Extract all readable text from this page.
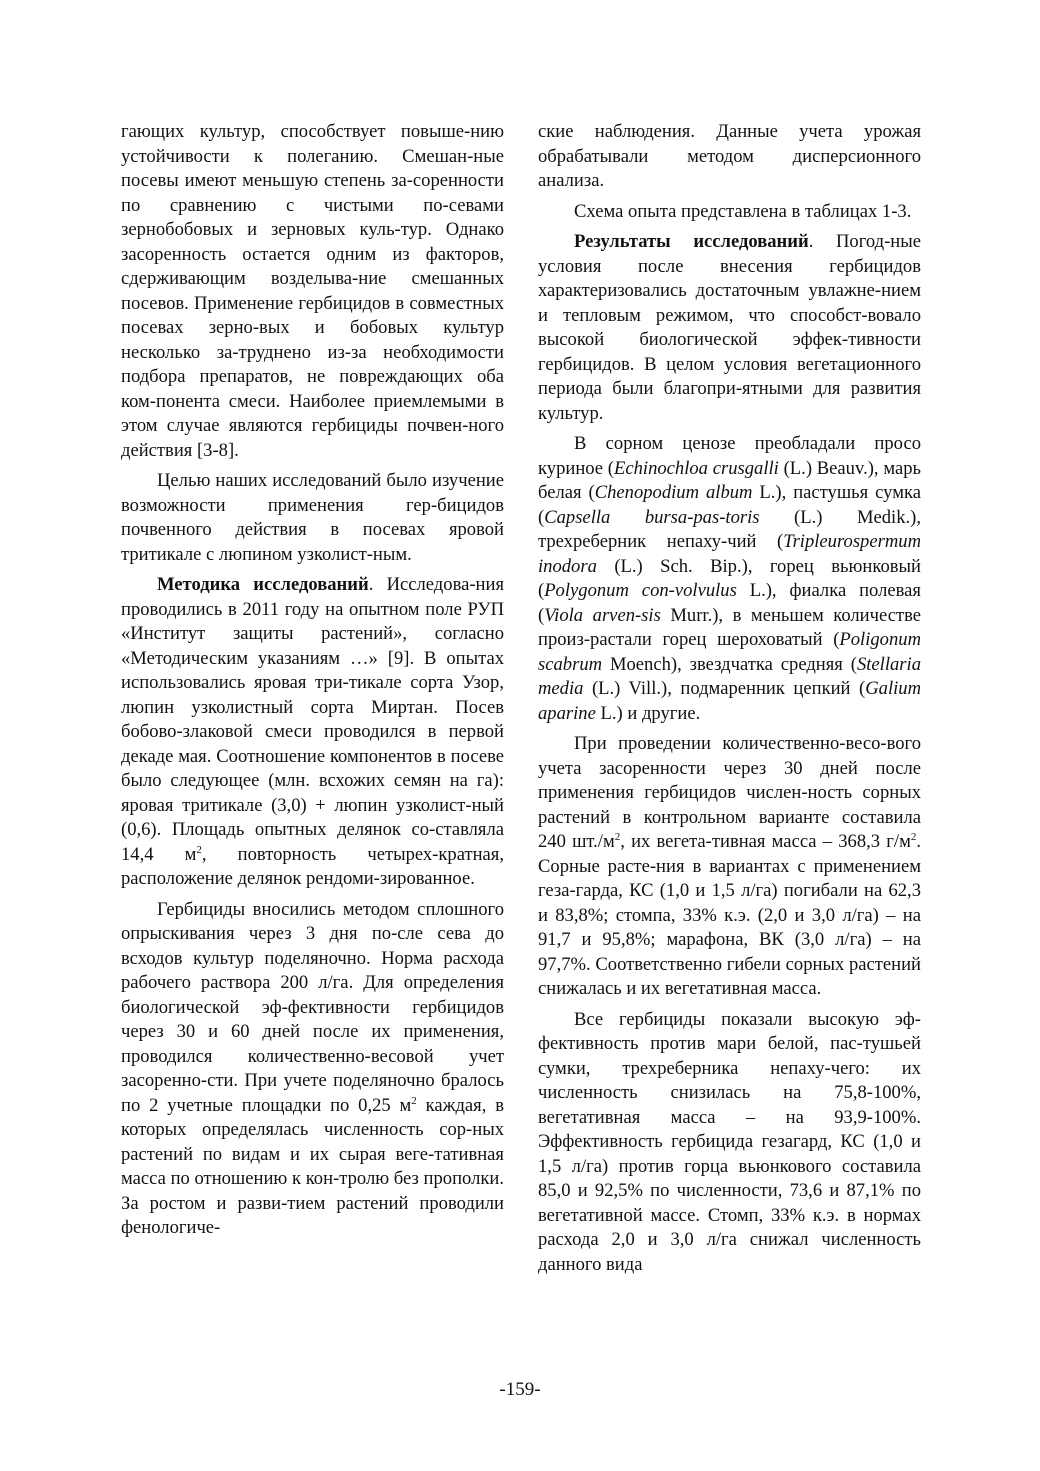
гающих культур, способствует повыше-нию устойчивости к полеганию. Смешан-ные посевы имеют меньшую степень за-соренности по сравнению с чистыми по-севами зернобобовых и зерновых куль-тур. Однако засоренность остается одним из факторов, сдерживающим возделыва-ние смешанных посевов. Применение гербицидов в совместных посевах зерно-вых и бобовых культур несколько за-труднено из-за необходимости подбора препаратов, не повреждающих оба ком-понента смеси. Наиболее приемлемыми в этом случае являются гербициды почвен-ного действия [3-8].

Целью наших исследований было изучение возможности применения гер-бицидов почвенного действия в посевах яровой тритикале с люпином узколист-ным.

Методика исследований. Исследова-ния проводились в 2011 году на опытном поле РУП «Институт защиты растений», согласно «Методическим указаниям …» [9]. В опытах использовались яровая три-тикале сорта Узор, люпин узколистный сорта Миртан. Посев бобово-злаковой смеси проводился в первой декаде мая. Соотношение компонентов в посеве было следующее (млн. всхожих семян на га): яровая тритикале (3,0) + люпин узколист-ный (0,6). Площадь опытных делянок со-ставляла 14,4 $м^2$, повторность четырех-кратная, расположение делянок рендоми-зированное.

Гербициды вносились методом сплошного опрыскивания через 3 дня по-сле сева до всходов культур поделяночно. Норма расхода рабочего раствора 200 л/га. Для определения биологической эф-фективности гербицидов через 30 и 60 дней после их применения, проводился количественно-весовой учет засоренно-сти. При учете поделяночно бралось по 2 учетные площадки по 0,25 $м^2$ каждая, в которых определялась численность сор-ных растений по видам и их сырая веге-тативная масса по отношению к кон-тролю без прополки. За ростом и разви-тием растений проводили фенологиче-

ские наблюдения. Данные учета урожая обрабатывали методом дисперсионного анализа.

Схема опыта представлена в таблицах 1-3.

Результаты исследований. Погод-ные условия после внесения гербицидов характеризовались достаточным увлажне-нием и тепловым режимом, что способст-вовало высокой биологической эффек-тивности гербицидов. В целом условия вегетационного периода были благопри-ятными для развития культур.

В сорном ценозе преобладали просо куриное (Echinochloa crusgalli (L.) Beauv.), марь белая (Chenopodium album L.), пастушья сумка (Capsella bursa-pas-toris (L.) Medik.), трехреберник непаху-чий (Tripleurospermum inodora (L.) Sch. Bip.), горец вьюнковый (Polygonum con-volvulus L.), фиалка полевая (Viola arven-sis Murr.), в меньшем количестве произ-растали горец шероховатый (Poligonum scabrum Moench), звездчатка средняя (Stellaria media (L.) Vill.), подмаренник цепкий (Galium aparine L.) и другие.

При проведении количественно-весо-вого учета засоренности через 30 дней после применения гербицидов числен-ность сорных растений в контрольном варианте составила 240 $шт./м^2$, их вегета-тивная масса – 368,3 $г/м^2$. Сорные расте-ния в вариантах с применением геза-гарда, КС (1,0 и 1,5 л/га) погибали на 62,3 и 83,8%; стомпа, 33% к.э. (2,0 и 3,0 л/га) – на 91,7 и 95,8%; марафона, ВК (3,0 л/га) – на 97,7%. Соответственно гибели сорных растений снижалась и их вегетативная масса.

Все гербициды показали высокую эф-фективность против мари белой, пас-тушьей сумки, трехреберника непаху-чего: их численность снизилась на 75,8-100%, вегетативная масса – на 93,9-100%. Эффективность гербицида гезагард, КС (1,0 и 1,5 л/га) против горца вьюнкового составила 85,0 и 92,5% по численности, 73,6 и 87,1% по вегетативной массе. Стомп, 33% к.э. в нормах расхода 2,0 и 3,0 л/га снижал численность данного вида

-159-
